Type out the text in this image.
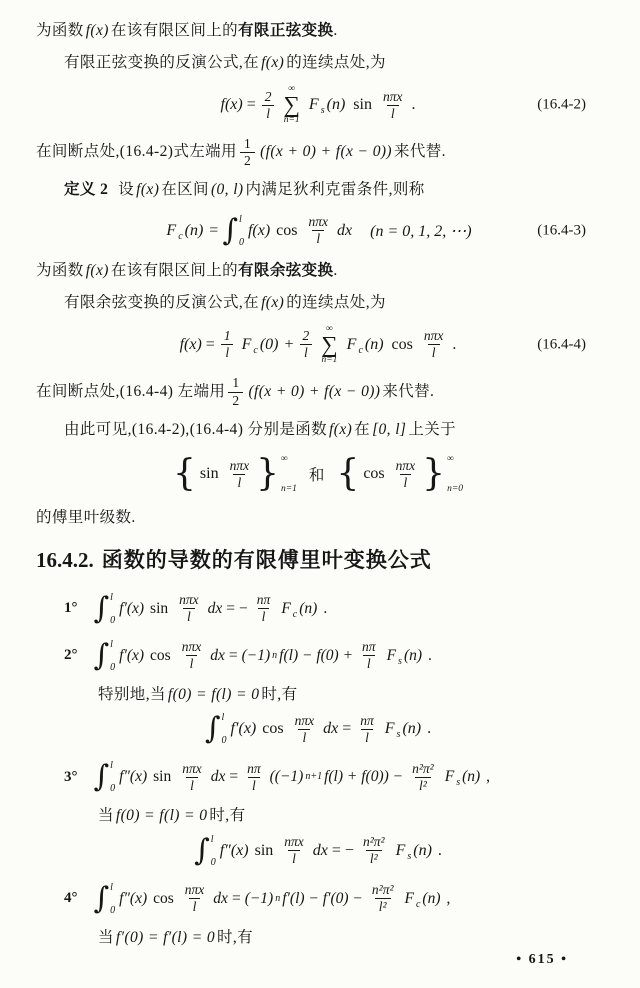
为函数 f(x) 在该有限区间上的有限正弦变换.
有限正弦变换的反演公式,在 f(x) 的连续点处,为
$f(x) = \frac{2}{l}$ ∞
∑
n=1
F s (n) $\sin \frac{\text{nπx}}{l}$ .	(16.4-2)
在间断点处,(16.4-2)式左端用 $\frac{1}{2} (f(x + 0) + f(x - 0))$ 来代替.
定义 2 设 f(x) 在区间 (0, l) 内满足狄利克雷条件,则称
F c (n) = ∫ l
0
f(x) $\cos \frac{\text{nπx}}{l}$ dx (n = 0, 1, 2, ⋯)	(16.4-3)
为函数 f(x) 在该有限区间上的有限余弦变换.
有限余弦变换的反演公式,在 f(x) 的连续点处,为
$f(x) = \frac{1}{l}$ F c $(0) + \frac{2}{l}$ ∞
∑
n=1
F c (n) $\cos \frac{\text{nπx}}{l}$ .	(16.4-4)
在间断点处,(16.4-4) 左端用 $\frac{1}{2} (f(x + 0) + f(x - 0))$ 来代替.
由此可见,(16.4-2),(16.4-4) 分别是函数 f(x) 在 [0, l] 上关于
{ $\sin \frac{\text{nπx}}{l}$ } ∞
n=1
和 { $\cos \frac{\text{nπx}}{l}$ } ∞
n=0
的傅里叶级数.
16.4.2. 函数的导数的有限傅里叶变换公式
1° ∫ l
0
f′(x) $\sin \frac{\text{nπx}}{l}$ dx = − $\frac{n\pi}{l}$ F c (n) .
2° ∫ l
0
f′(x) $\cos \frac{\text{nπx}}{l}$ dx = (−1) n $f(l) - f(0) + \frac{n\pi}{l}$ F s (n) .
特别地,当 f(0) = f(l) = 0 时,有
∫ l
0
f′(x) $\cos \frac{\text{nπx}}{l}$ dx = $\frac{n\pi}{l}$ F s (n) .
3° ∫ l
0
f″(x) $\sin \frac{\text{nπx}}{l}$ dx = $\frac{n\pi}{l} ((-1)$ n+1 $f(l) + f(0)) - \frac{\text{n²π²}}{\text{l²}}$ F s (n) ,
当 f(0) = f(l) = 0 时,有
∫ l
0
f″(x) $\sin \frac{\text{nπx}}{l}$ dx = − $\frac{\text{n²π²}}{\text{l²}}$ F s (n) .
4° ∫ l
0
f″(x) $\cos \frac{\text{nπx}}{l}$ dx = (−1) n $f'(l) - f'(0) - \frac{\text{n²π²}}{\text{l²}}$ F c (n) ,
当 f′(0) = f′(l) = 0 时,有
• 615 •
